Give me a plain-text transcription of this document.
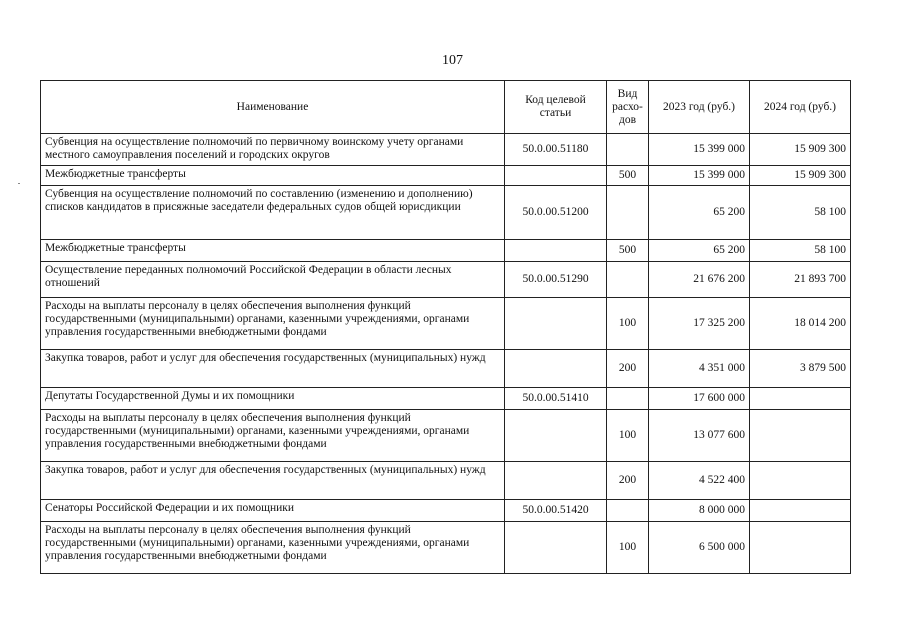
107
Наименование	Код целевой статьи	Вид расхо-дов	2023 год (руб.)	2024 год (руб.)
Субвенция на осуществление полномочий по первичному воинскому учету органами местного самоуправления поселений и городских округов	50.0.00.51180		15 399 000	15 909 300
Межбюджетные трансферты		500	15 399 000	15 909 300
Субвенция на осуществление полномочий по составлению (изменению и дополнению) списков кандидатов в присяжные заседатели федеральных судов общей юрисдикции	50.0.00.51200		65 200	58 100
Межбюджетные трансферты		500	65 200	58 100
Осуществление переданных полномочий Российской Федерации в области лесных отношений	50.0.00.51290		21 676 200	21 893 700
Расходы на выплаты персоналу в целях обеспечения выполнения функций государственными (муниципальными) органами, казенными учреждениями, органами управления государственными внебюджетными фондами		100	17 325 200	18 014 200
Закупка товаров, работ и услуг для обеспечения государственных (муниципальных) нужд		200	4 351 000	3 879 500
Депутаты Государственной Думы и их помощники	50.0.00.51410		17 600 000	
Расходы на выплаты персоналу в целях обеспечения выполнения функций государственными (муниципальными) органами, казенными учреждениями, органами управления государственными внебюджетными фондами		100	13 077 600	
Закупка товаров, работ и услуг для обеспечения государственных (муниципальных) нужд		200	4 522 400	
Сенаторы Российской Федерации и их помощники	50.0.00.51420		8 000 000	
Расходы на выплаты персоналу в целях обеспечения выполнения функций государственными (муниципальными) органами, казенными учреждениями, органами управления государственными внебюджетными фондами		100	6 500 000	
